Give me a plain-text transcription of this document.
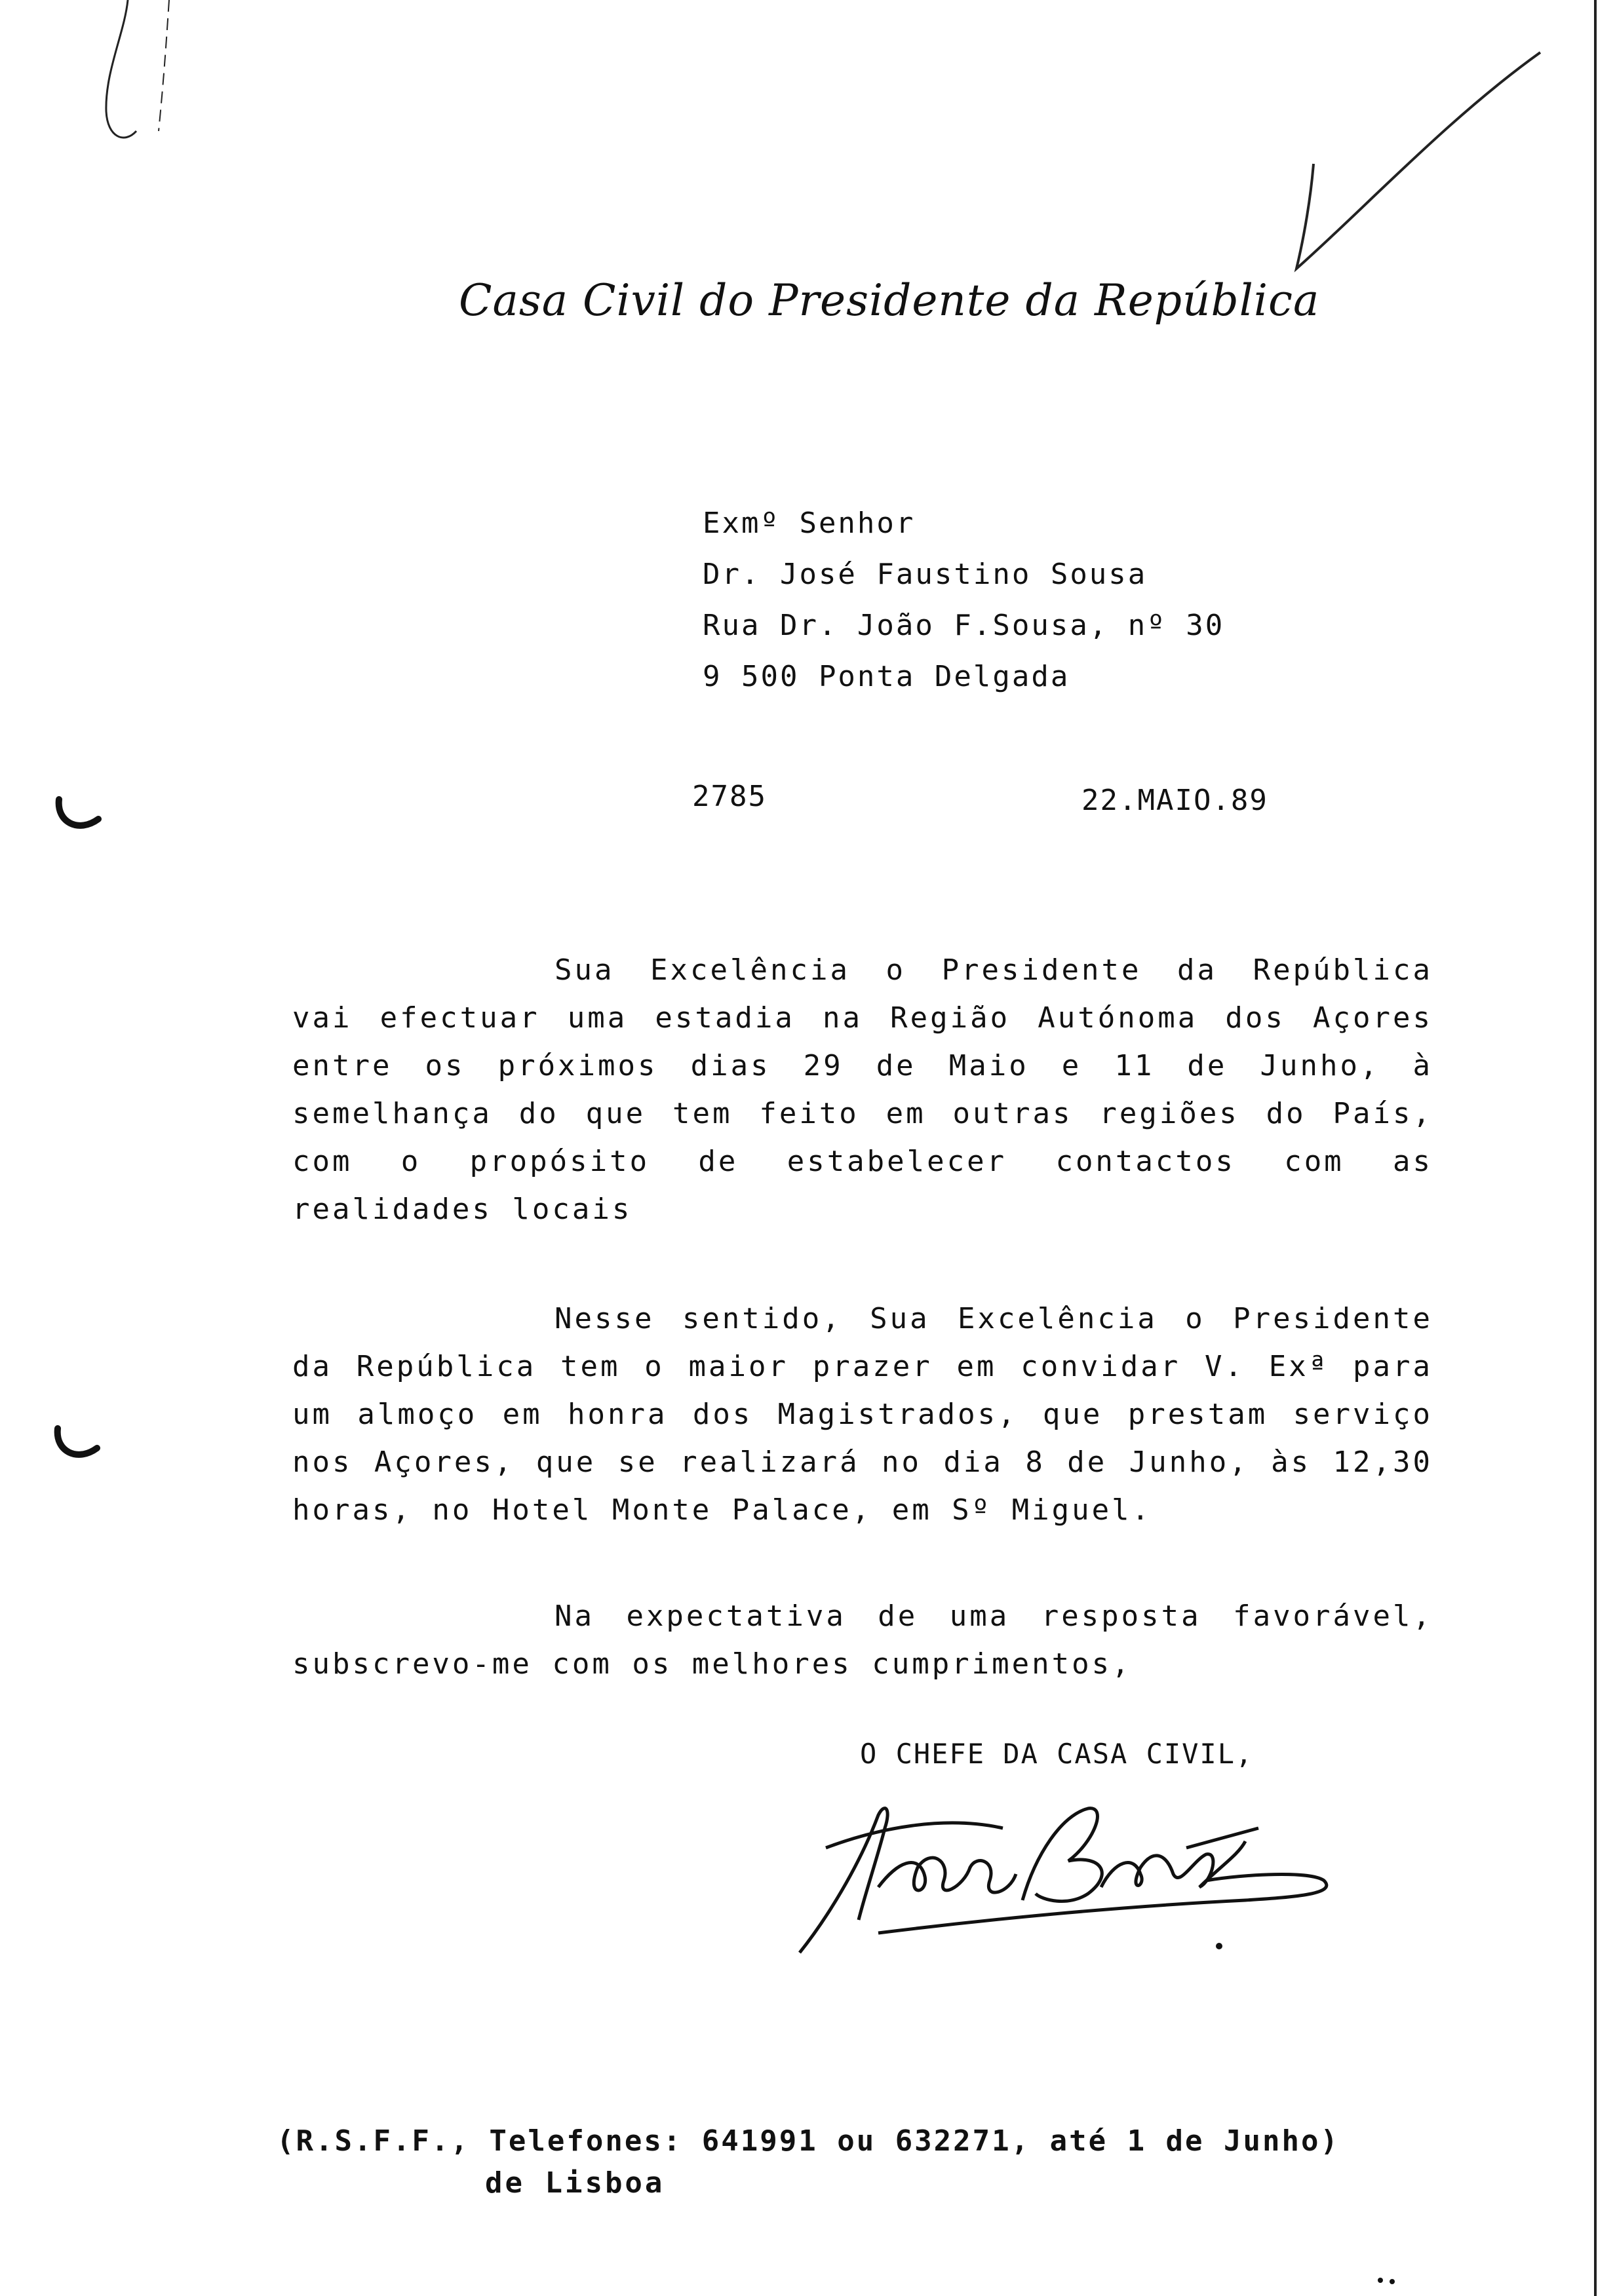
Casa Civil do Presidente da República
Exmº Senhor
Dr. José Faustino Sousa
Rua Dr. João F.Sousa, nº 30
9 500 Ponta Delgada
2785	22.MAIO.89
Sua Excelência o Presidente da República vai efectuar uma estadia na Região Autónoma dos Açores entre os próximos dias 29 de Maio e 11 de Junho, à semelhança do que tem feito em outras regiões do País, com o propósito de estabelecer contactos com as realidades locais
Nesse sentido, Sua Excelência o Presidente da República tem o maior prazer em convidar V. Exª para um almoço em honra dos Magistrados, que prestam serviço nos Açores, que se realizará no dia 8 de Junho, às 12,30 horas, no Hotel Monte Palace, em Sº Miguel.
Na expectativa de uma resposta favorável, subscrevo-me com os melhores cumprimentos,
O CHEFE DA CASA CIVIL,
(R.S.F.F., Telefones: 641991 ou 632271, até 1 de Junho)
de Lisboa
